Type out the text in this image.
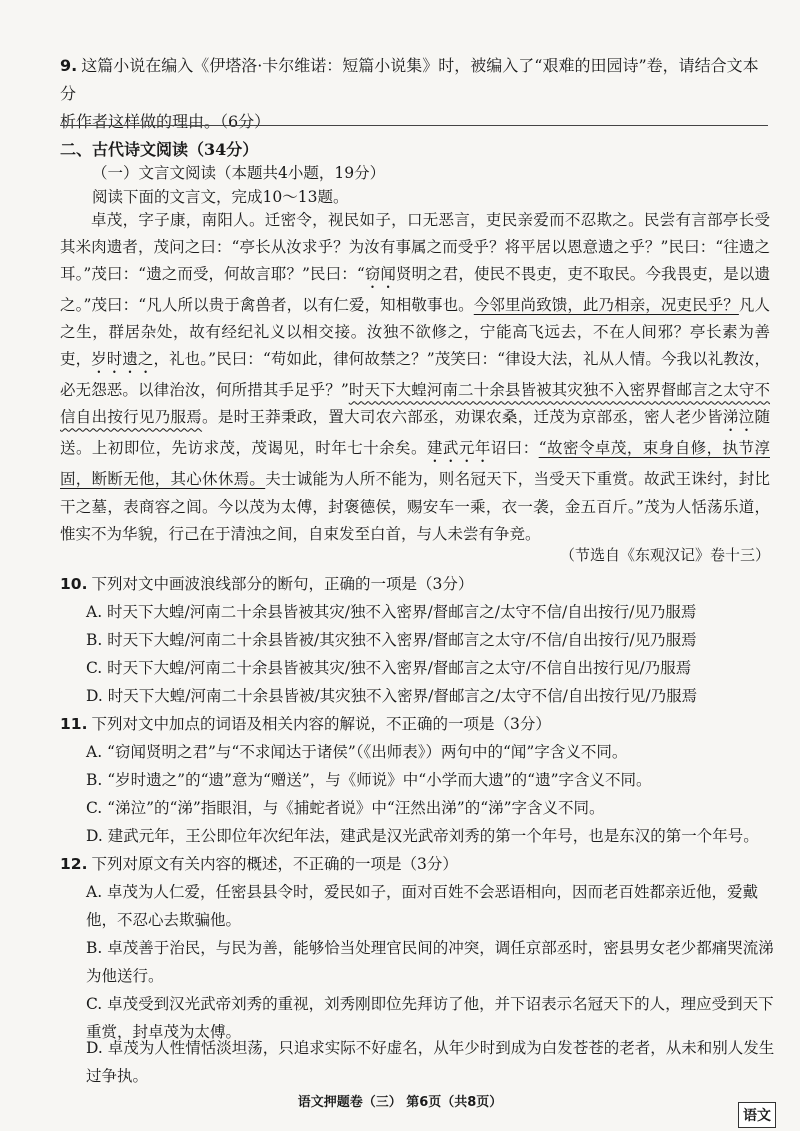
9. 这篇小说在编入《伊塔洛·卡尔维诺：短篇小说集》时，被编入了“艰难的田园诗”卷，请结合文本分
析作者这样做的理由。（6分）
二、古代诗文阅读（34分）
（一）文言文阅读（本题共4小题，19分）
阅读下面的文言文，完成10～13题。
卓茂，字子康，南阳人。迁密令，视民如子，口无恶言，吏民亲爱而不忍欺之。民尝有言部亭长受其米肉遗者，茂问之曰：“亭长从汝求乎？为汝有事属之而受乎？将平居以恩意遗之乎？”民曰：“往遗之耳。”茂曰：“遗之而受，何故言耶？”民曰：“窃闻贤明之君，使民不畏吏，吏不取民。今我畏吏，是以遗之。”茂曰：“凡人所以贵于禽兽者，以有仁爱，知相敬事也。今邻里尚致馈，此乃相亲，况吏民乎？凡人之生，群居杂处，故有经纪礼义以相交接。汝独不欲修之，宁能高飞远去，不在人间邪？亭长素为善吏，岁时遗之，礼也。”民曰：“苟如此，律何故禁之？”茂笑曰：“律设大法，礼从人情。今我以礼教汝，必无怨恶。以律治汝，何所措其手足乎？”时天下大蝗河南二十余县皆被其灾独不入密界督邮言之太守不信自出按行见乃服焉。是时王莽秉政，置大司农六部丞，劝课农桑，迁茂为京部丞，密人老少皆涕泣随送。上初即位，先访求茂，茂谒见，时年七十余矣。建武元年诏曰：“故密令卓茂，束身自修，执节淳固，断断无他，其心休休焉。夫士诚能为人所不能为，则名冠天下，当受天下重赏。故武王诛纣，封比干之墓，表商容之闾。今以茂为太傅，封褒德侯，赐安车一乘，衣一袭，金五百斤。”茂为人恬荡乐道，惟实不为华貌，行己在于清浊之间，自束发至白首，与人未尝有争竞。
（节选自《东观汉记》卷十三）
10. 下列对文中画波浪线部分的断句，正确的一项是（3分）
A. 时天下大蝗/河南二十余县皆被其灾/独不入密界/督邮言之/太守不信/自出按行/见乃服焉
B. 时天下大蝗/河南二十余县皆被/其灾独不入密界/督邮言之太守/不信/自出按行/见乃服焉
C. 时天下大蝗/河南二十余县皆被其灾/独不入密界/督邮言之太守/不信自出按行见/乃服焉
D. 时天下大蝗/河南二十余县皆被/其灾独不入密界/督邮言之/太守不信/自出按行见/乃服焉
11. 下列对文中加点的词语及相关内容的解说，不正确的一项是（3分）
A. “窃闻贤明之君”与“不求闻达于诸侯”（《出师表》）两句中的“闻”字含义不同。
B. “岁时遗之”的“遗”意为“赠送”，与《师说》中“小学而大遗”的“遗”字含义不同。
C. “涕泣”的“涕”指眼泪，与《捕蛇者说》中“汪然出涕”的“涕”字含义不同。
D. 建武元年，王公即位年次纪年法，建武是汉光武帝刘秀的第一个年号，也是东汉的第一个年号。
12. 下列对原文有关内容的概述，不正确的一项是（3分）
A. 卓茂为人仁爱，任密县县令时，爱民如子，面对百姓不会恶语相向，因而老百姓都亲近他，爱戴他，不忍心去欺骗他。
B. 卓茂善于治民，与民为善，能够恰当处理官民间的冲突，调任京部丞时，密县男女老少都痛哭流涕为他送行。
C. 卓茂受到汉光武帝刘秀的重视，刘秀刚即位先拜访了他，并下诏表示名冠天下的人，理应受到天下重赏，封卓茂为太傅。
D. 卓茂为人性情恬淡坦荡，只追求实际不好虚名，从年少时到成为白发苍苍的老者，从未和别人发生过争执。
语文押题卷（三） 第6页（共8页）
语文
